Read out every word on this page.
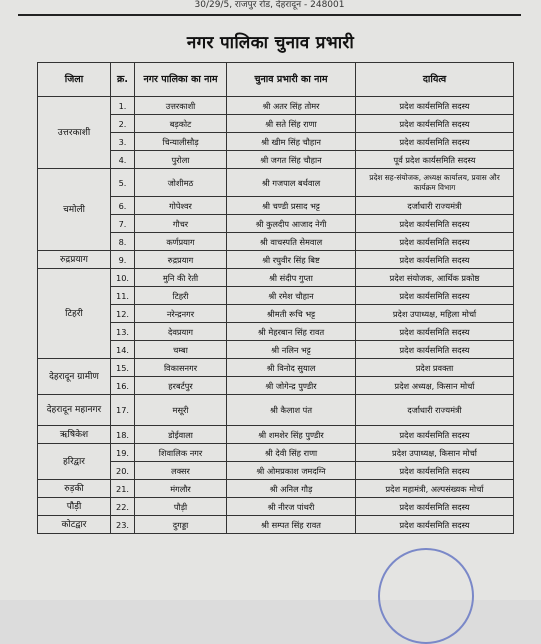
30/29/5, राजपुर रोड, देहरादून - 248001
नगर पालिका चुनाव प्रभारी
जिला	क्र.	नगर पालिका का नाम	चुनाव प्रभारी का नाम	दायित्व
उत्तरकाशी	1.	उत्तरकाशी	श्री अतर सिंह तोमर	प्रदेश कार्यसमिति सदस्य
	2.	बड़कोट	श्री सते सिंह राणा	प्रदेश कार्यसमिति सदस्य
	3.	चिन्यालीसौड़	श्री खीम सिंह चौहान	प्रदेश कार्यसमिति सदस्य
	4.	पुरोला	श्री जगत सिंह चौहान	पूर्व प्रदेश कार्यसमिति सदस्य
चमोली	5.	जोशीमठ	श्री गजपाल बर्थवाल	प्रदेश सह-संयोजक, अध्यक्ष कार्यालय, प्रवास और कार्यक्रम विभाग
	6.	गोपेश्वर	श्री चण्डी प्रसाद भट्ट	दर्जाधारी राज्यमंत्री
	7.	गौचर	श्री कुलदीप आजाद नेगी	प्रदेश कार्यसमिति सदस्य
	8.	कर्णप्रयाग	श्री वाचस्पति सेमवाल	प्रदेश कार्यसमिति सदस्य
रुद्रप्रयाग	9.	रुद्रप्रयाग	श्री रघुवीर सिंह बिष्ट	प्रदेश कार्यसमिति सदस्य
टिहरी	10.	मुनि की रेती	श्री संदीप गुप्ता	प्रदेश संयोजक, आर्थिक प्रकोष्ठ
	11.	टिहरी	श्री रमेश चौहान	प्रदेश कार्यसमिति सदस्य
	12.	नरेन्द्रनगर	श्रीमती रूचि भट्ट	प्रदेश उपाध्यक्ष, महिला मोर्चा
	13.	देवप्रयाग	श्री मेहरबान सिंह रावत	प्रदेश कार्यसमिति सदस्य
	14.	चम्बा	श्री नलिन भट्ट	प्रदेश कार्यसमिति सदस्य
देहरादून ग्रामीण	15.	विकासनगर	श्री विनोद सुयाल	प्रदेश प्रवक्ता
	16.	हरबर्टपुर	श्री जोगेन्द्र पुण्डीर	प्रदेश अध्यक्ष, किसान मोर्चा
देहरादून महानगर	17.	मसूरी	श्री कैलाश पंत	दर्जाधारी राज्यमंत्री
ऋषिकेश	18.	डोईवाला	श्री शमशेर सिंह पुण्डीर	प्रदेश कार्यसमिति सदस्य
हरिद्वार	19.	शिवालिक नगर	श्री देवी सिंह राणा	प्रदेश उपाध्यक्ष, किसान मोर्चा
	20.	लक्सर	श्री ओमप्रकाश जमदग्नि	प्रदेश कार्यसमिति सदस्य
रुड़की	21.	मंगलौर	श्री अनिल गौड़	प्रदेश महामंत्री, अल्पसंख्यक मोर्चा
पौड़ी	22.	पौड़ी	श्री नीरज पांथरी	प्रदेश कार्यसमिति सदस्य
कोटद्वार	23.	दुगड्डा	श्री सम्पत सिंह रावत	प्रदेश कार्यसमिति सदस्य
